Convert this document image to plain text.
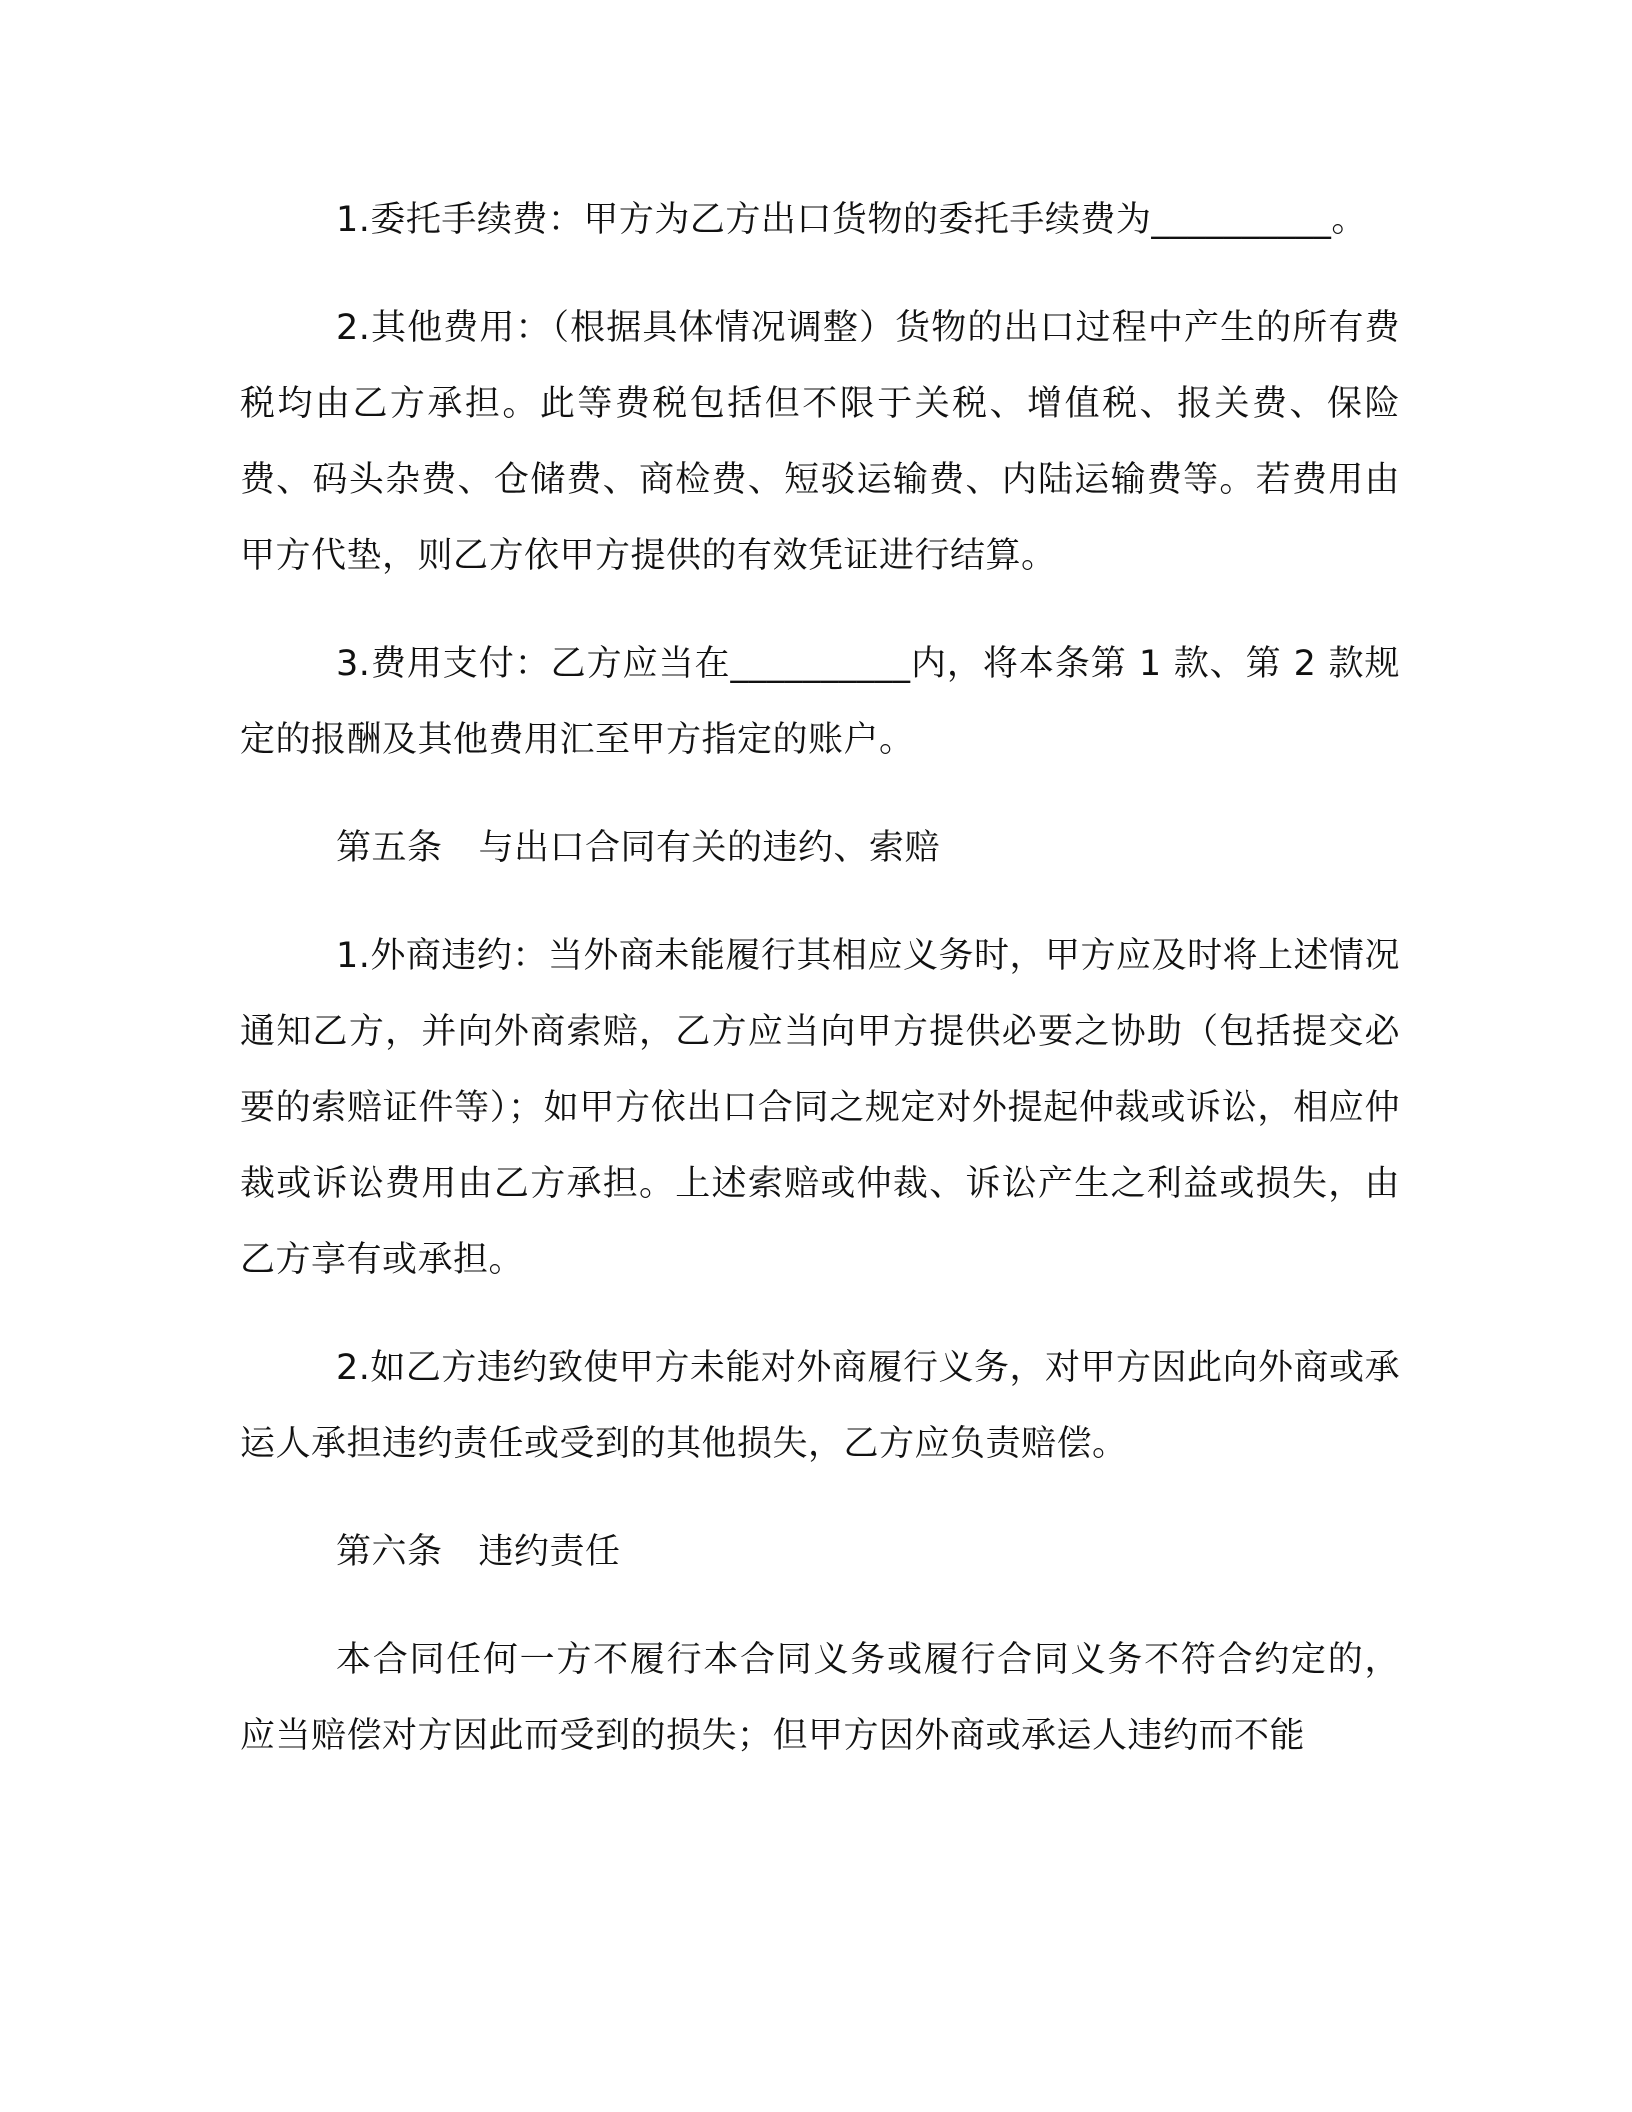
1.委托手续费：甲方为乙方出口货物的委托手续费为__________。

2.其他费用：（根据具体情况调整）货物的出口过程中产生的所有费税均由乙方承担。此等费税包括但不限于关税、增值税、报关费、保险费、码头杂费、仓储费、商检费、短驳运输费、内陆运输费等。若费用由甲方代垫，则乙方依甲方提供的有效凭证进行结算。

3.费用支付：乙方应当在__________内，将本条第 1 款、第 2 款规定的报酬及其他费用汇至甲方指定的账户。

第五条 与出口合同有关的违约、索赔

1.外商违约：当外商未能履行其相应义务时，甲方应及时将上述情况通知乙方，并向外商索赔，乙方应当向甲方提供必要之协助（包括提交必要的索赔证件等）；如甲方依出口合同之规定对外提起仲裁或诉讼，相应仲裁或诉讼费用由乙方承担。上述索赔或仲裁、诉讼产生之利益或损失，由乙方享有或承担。

2.如乙方违约致使甲方未能对外商履行义务，对甲方因此向外商或承运人承担违约责任或受到的其他损失，乙方应负责赔偿。

第六条 违约责任

本合同任何一方不履行本合同义务或履行合同义务不符合约定的，应当赔偿对方因此而受到的损失；但甲方因外商或承运人违约而不能
